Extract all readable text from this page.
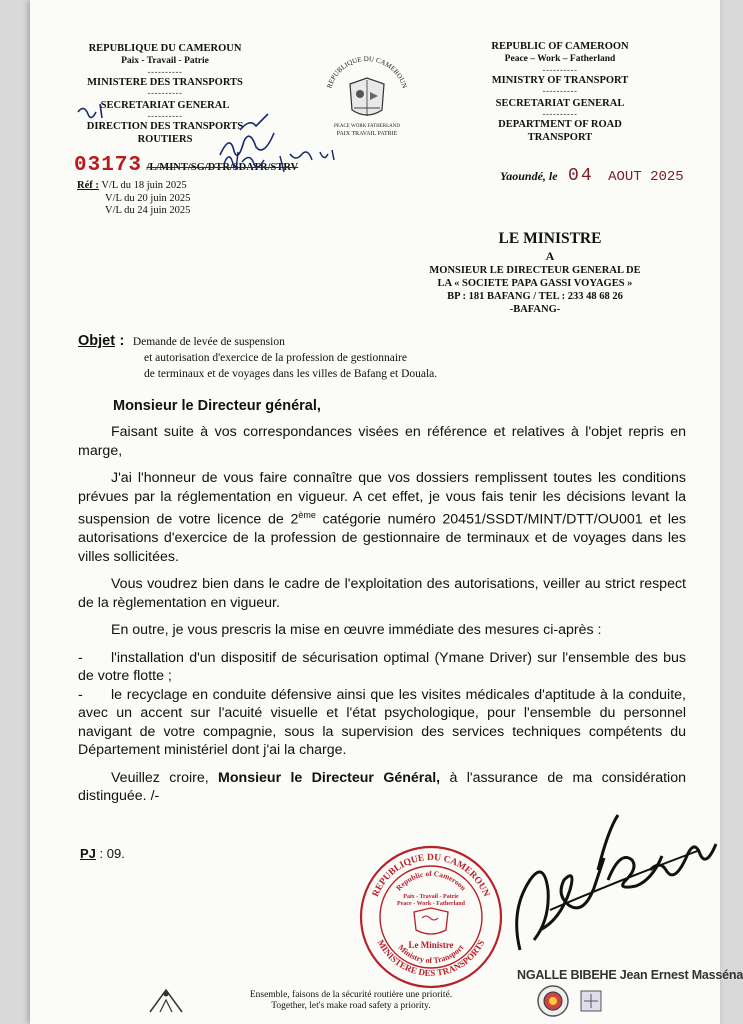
REPUBLIQUE DU CAMEROUN
Paix - Travail - Patrie
----------
MINISTERE DES TRANSPORTS
----------
SECRETARIAT GENERAL
----------
DIRECTION DES TRANSPORTS
ROUTIERS
REPUBLIQUE DU CAMEROUN
PEACE WORK FATHERLAND
PAIX TRAVAIL PATRIE
REPUBLIC OF CAMEROON
Peace – Work – Fatherland
----------
MINISTRY OF TRANSPORT
----------
SECRETARIAT GENERAL
----------
DEPARTMENT OF ROAD
TRANSPORT
03173 /L/MINT/SG/DTR/SDATR/STRV
Réf : V/L du 18 juin 2025
V/L du 20 juin 2025
V/L du 24 juin 2025
Yaoundé, le 04 AOUT 2025
LE MINISTRE
A
MONSIEUR LE DIRECTEUR GENERAL DE
LA « SOCIETE PAPA GASSI VOYAGES »
BP : 181 BAFANG / TEL : 233 48 68 26
-BAFANG-
Objet : Demande de levée de suspension
et autorisation d'exercice de la profession de gestionnaire
de terminaux et de voyages dans les villes de Bafang et Douala.
Monsieur le Directeur général,

Faisant suite à vos correspondances visées en référence et relatives à l'objet repris en marge,

J'ai l'honneur de vous faire connaître que vos dossiers remplissent toutes les conditions prévues par la réglementation en vigueur. A cet effet, je vous fais tenir les décisions levant la suspension de votre licence de 2ème catégorie numéro 20451/SSDT/MINT/DTT/OU001 et les autorisations d'exercice de la profession de gestionnaire de terminaux et de voyages dans les villes sollicitées.

Vous voudrez bien dans le cadre de l'exploitation des autorisations, veiller au strict respect de la règlementation en vigueur.

En outre, je vous prescris la mise en œuvre immédiate des mesures ci-après :

-	l'installation d'un dispositif de sécurisation optimal (Ymane Driver) sur l'ensemble des bus de votre flotte ;
-	le recyclage en conduite défensive ainsi que les visites médicales d'aptitude à la conduite, avec un accent sur l'acuité visuelle et l'état psychologique, pour l'ensemble du personnel navigant de votre compagnie, sous la supervision des services techniques compétents du Département ministériel dont j'ai la charge.

Veuillez croire, Monsieur le Directeur Général, à l'assurance de ma considération distinguée. /-

PJ : 09.
REPUBLIQUE DU CAMEROUN
MINISTERE DES TRANSPORTS
Republic of Cameroon
Paix - Travail - Patrie
Peace - Work - Fatherland
Le Ministre
Ministry of Transport
NGALLE BIBEHE Jean Ernest Masséna
Ensemble, faisons de la sécurité routière une priorité.
Together, let's make road safety a priority.
